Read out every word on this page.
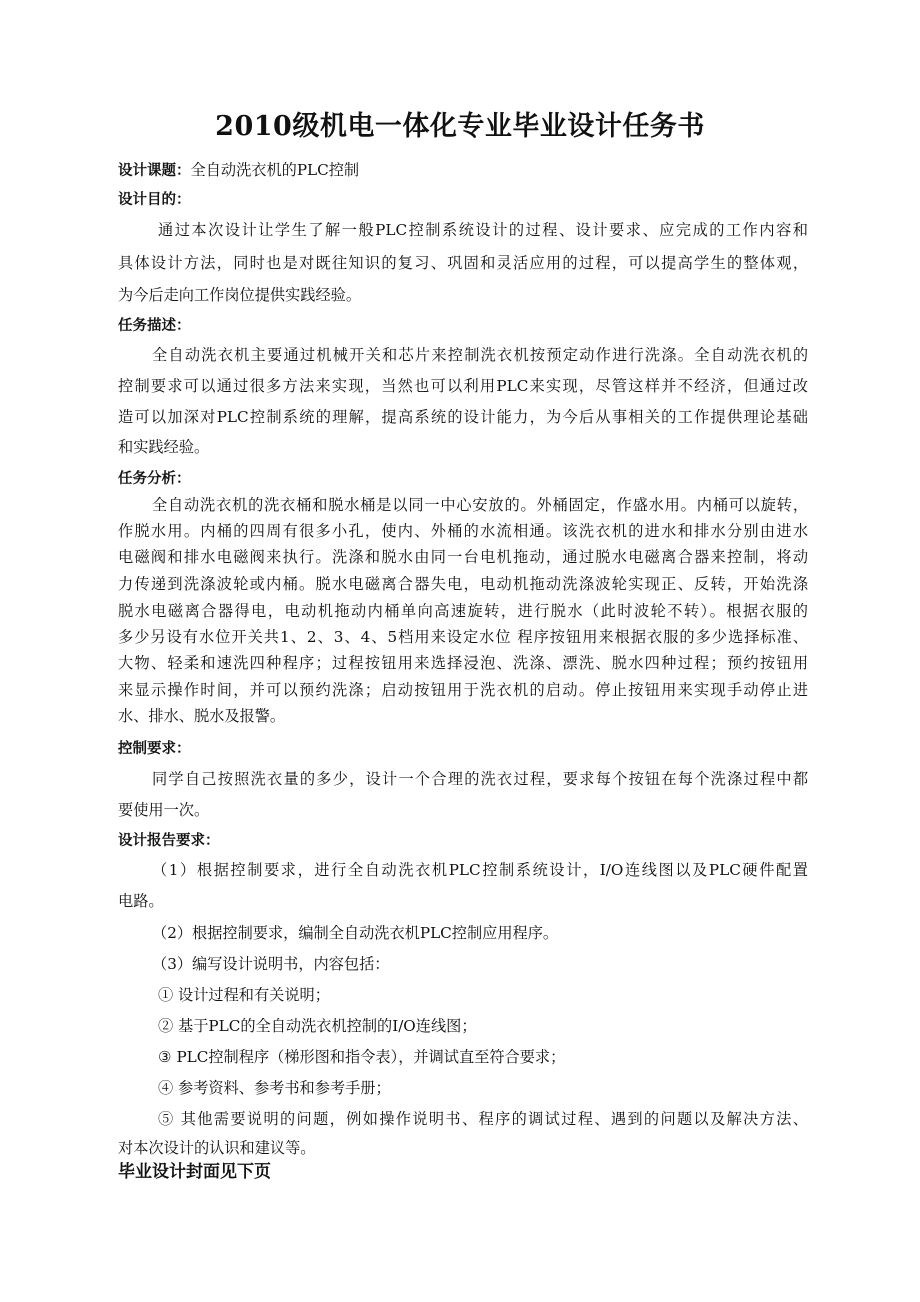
2010级机电一体化专业毕业设计任务书
设计课题：全自动洗衣机的PLC控制
设计目的：
通过本次设计让学生了解一般PLC控制系统设计的过程、设计要求、应完成的工作内容和
具体设计方法，同时也是对既往知识的复习、巩固和灵活应用的过程，可以提高学生的整体观，
为今后走向工作岗位提供实践经验。
任务描述：
全自动洗衣机主要通过机械开关和芯片来控制洗衣机按预定动作进行洗涤。全自动洗衣机的
控制要求可以通过很多方法来实现，当然也可以利用PLC来实现，尽管这样并不经济，但通过改
造可以加深对PLC控制系统的理解，提高系统的设计能力，为今后从事相关的工作提供理论基础
和实践经验。
任务分析：
全自动洗衣机的洗衣桶和脱水桶是以同一中心安放的。外桶固定，作盛水用。内桶可以旋转，
作脱水用。内桶的四周有很多小孔，使内、外桶的水流相通。该洗衣机的进水和排水分别由进水
电磁阀和排水电磁阀来执行。洗涤和脱水由同一台电机拖动，通过脱水电磁离合器来控制，将动
力传递到洗涤波轮或内桶。脱水电磁离合器失电，电动机拖动洗涤波轮实现正、反转，开始洗涤
脱水电磁离合器得电，电动机拖动内桶单向高速旋转，进行脱水（此时波轮不转）。根据衣服的
多少另设有水位开关共1、2、3、4、5档用来设定水位 程序按钮用来根据衣服的多少选择标准、
大物、轻柔和速洗四种程序；过程按钮用来选择浸泡、洗涤、漂洗、脱水四种过程；预约按钮用
来显示操作时间，并可以预约洗涤；启动按钮用于洗衣机的启动。停止按钮用来实现手动停止进
水、排水、脱水及报警。
控制要求：
同学自己按照洗衣量的多少，设计一个合理的洗衣过程，要求每个按钮在每个洗涤过程中都
要使用一次。
设计报告要求：
（1）根据控制要求，进行全自动洗衣机PLC控制系统设计，I/O连线图以及PLC硬件配置
电路。
（2）根据控制要求，编制全自动洗衣机PLC控制应用程序。
（3）编写设计说明书，内容包括：
① 设计过程和有关说明；
② 基于PLC的全自动洗衣机控制的I/O连线图；
③ PLC控制程序（梯形图和指令表），并调试直至符合要求；
④ 参考资料、参考书和参考手册；
⑤ 其他需要说明的问题，例如操作说明书、程序的调试过程、遇到的问题以及解决方法、
对本次设计的认识和建议等。
毕业设计封面见下页
